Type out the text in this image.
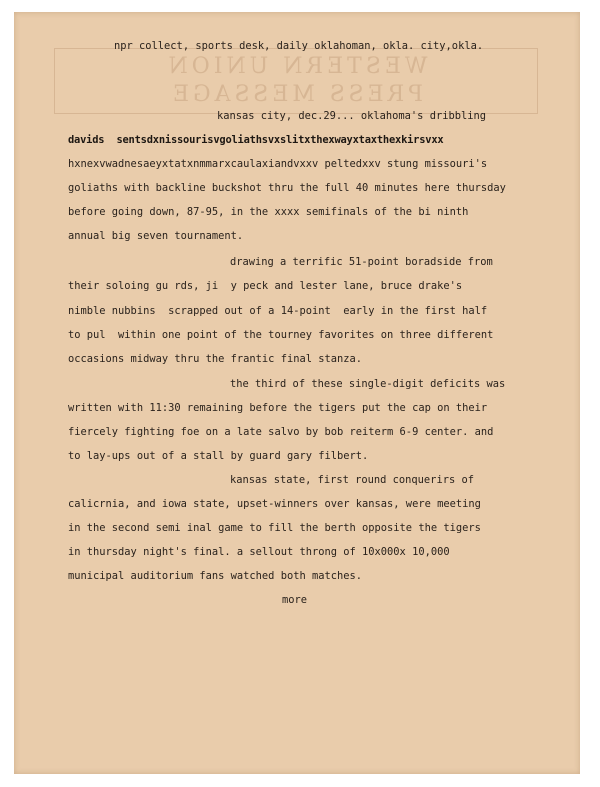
WESTERN UNION
PRESS MESSAGE
npr collect, sports desk, daily oklahoman, okla. city,okla.
kansas city, dec.29... oklahoma's dribbling
davids  sentsdxnissourisvgoliathsvxslitxthexwayxtaxthexkirsvxx
hxnexvwadnesaeyxtatxnmmarxcaulaxiandvxxv peltedxxv stung missouri's
goliaths with backline buckshot thru the full 40 minutes here thursday
before going down, 87-95, in the xxxx semifinals of the bi ninth
annual big seven tournament.
drawing a terrific 51-point boradside from
their soloing gu rds, ji  y peck and lester lane, bruce drake's
nimble nubbins  scrapped out of a 14-point  early in the first half
to pul  within one point of the tourney favorites on three different
occasions midway thru the frantic final stanza.
the third of these single-digit deficits was
written with 11:30 remaining before the tigers put the cap on their
fiercely fighting foe on a late salvo by bob reiterm 6-9 center. and
to lay-ups out of a stall by guard gary filbert.
kansas state, first round conquerirs of
calicrnia, and iowa state, upset-winners over kansas, were meeting
in the second semi inal game to fill the berth opposite the tigers
in thursday night's final. a sellout throng of 10x000x 10,000
municipal auditorium fans watched both matches.
more
